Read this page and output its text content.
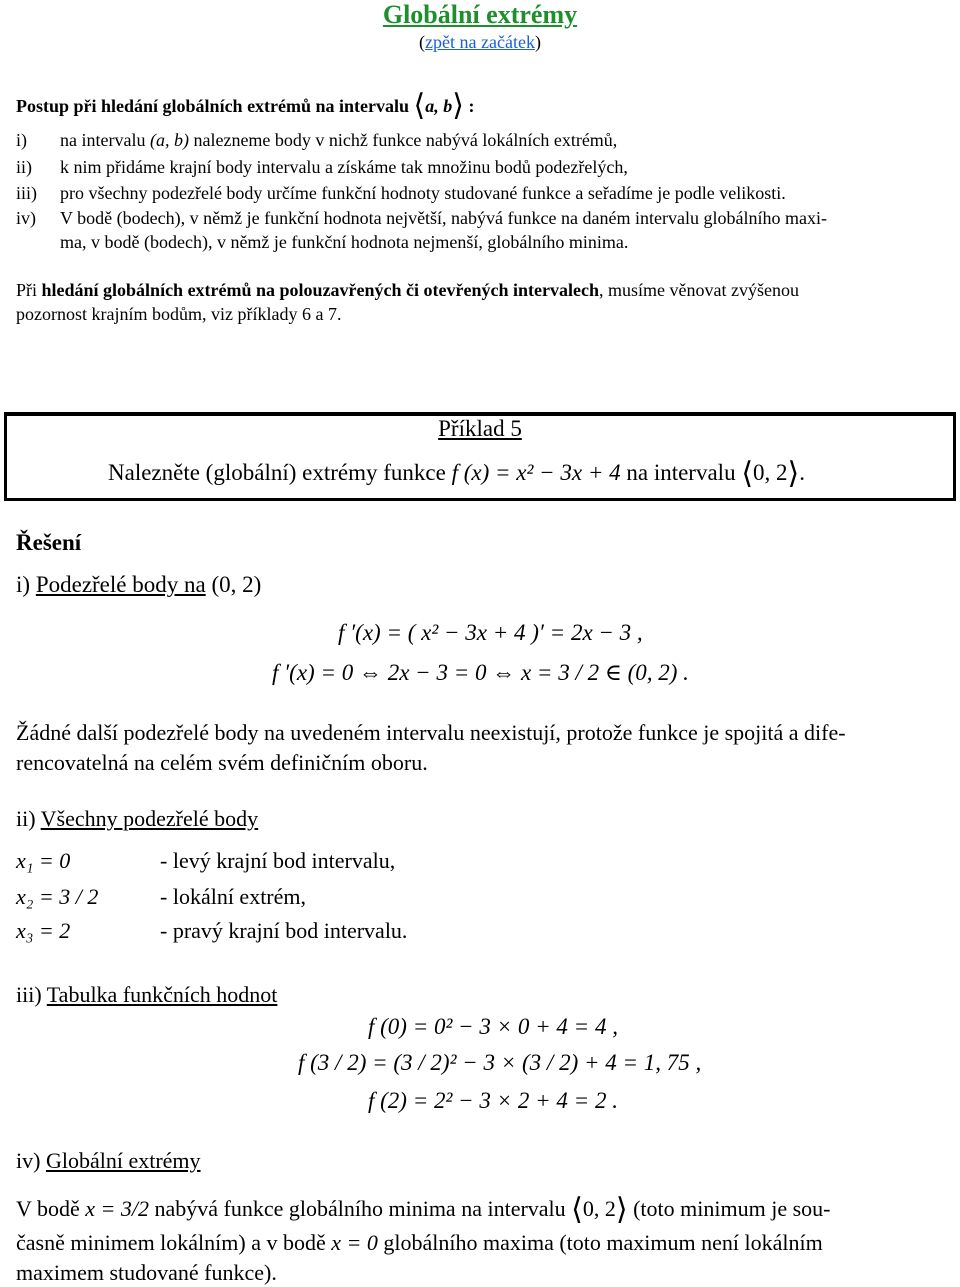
Globální extrémy
(zpět na začátek)
Postup při hledání globálních extrémů na intervalu ⟨a, b⟩ :
i) na intervalu (a, b) nalezneme body v nichž funkce nabývá lokálních extrémů,
ii) k nim přidáme krajní body intervalu a získáme tak množinu bodů podezřelých,
iii) pro všechny podezřelé body určíme funkční hodnoty studované funkce a seřadíme je podle velikosti.
iv) V bodě (bodech), v němž je funkční hodnota největší, nabývá funkce na daném intervalu globálního maxi-
ma, v bodě (bodech), v němž je funkční hodnota nejmenší, globálního minima.
Při hledání globálních extrémů na polouzavřených či otevřených intervalech, musíme věnovat zvýšenou
pozornost krajním bodům, viz příklady 6 a 7.
Příklad 5
Nalezněte (globální) extrémy funkce f (x) = x² − 3x + 4 na intervalu ⟨0, 2⟩.
Řešení
i) Podezřelé body na (0, 2)
f ′(x) = ( x² − 3x + 4 )′ = 2x − 3 ,
f ′(x) = 0 ⇔ 2x − 3 = 0 ⇔ x = 3 / 2 ∈ (0, 2) .
Žádné další podezřelé body na uvedeném intervalu neexistují, protože funkce je spojitá a dife-
rencovatelná na celém svém definičním oboru.
ii) Všechny podezřelé body
x₁ = 0	- levý krajní bod intervalu,
x₂ = 3 / 2	- lokální extrém,
x₃ = 2	- pravý krajní bod intervalu.
iii) Tabulka funkčních hodnot
f (0) = 0² − 3 × 0 + 4 = 4 ,
f (3 / 2) = (3 / 2)² − 3 × (3 / 2) + 4 = 1, 75 ,
f (2) = 2² − 3 × 2 + 4 = 2 .
iv) Globální extrémy
V bodě x = 3/2 nabývá funkce globálního minima na intervalu ⟨0, 2⟩ (toto minimum je sou-
časně minimem lokálním) a v bodě x = 0 globálního maxima (toto maximum není lokálním
maximem studované funkce).
